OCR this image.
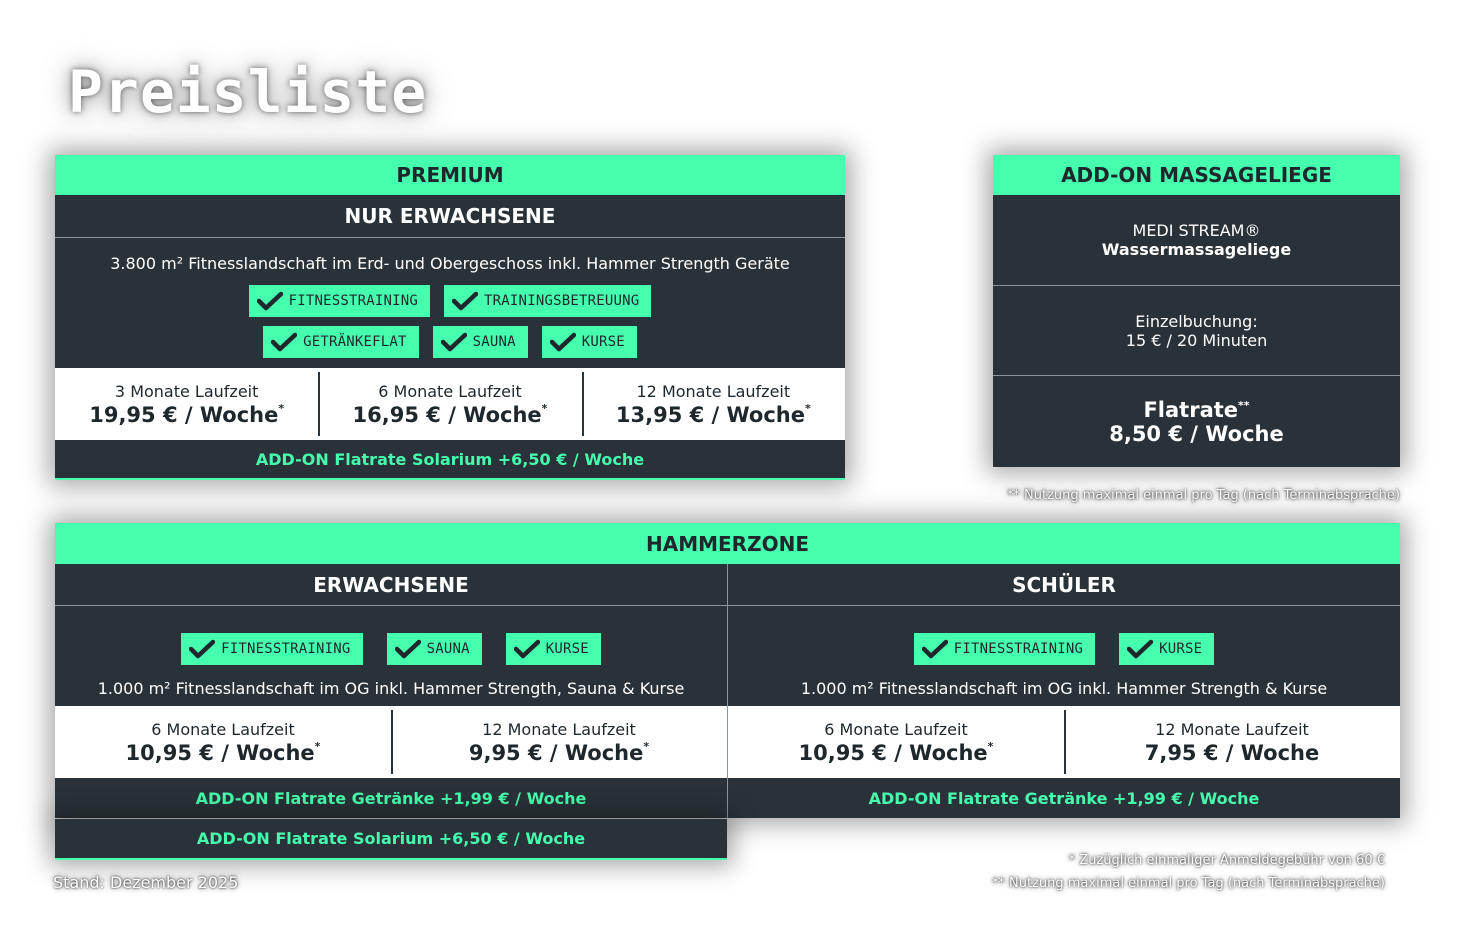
Preisliste
PREMIUM
NUR ERWACHSENE
3.800 m² Fitnesslandschaft im Erd- und Obergeschoss inkl. Hammer Strength Geräte
FITNESSTRAINING	TRAININGSBETREUUNG
GETRÄNKEFLAT	SAUNA	KURSE
3 Monate Laufzeit
19,95 € / Woche*
6 Monate Laufzeit
16,95 € / Woche*
12 Monate Laufzeit
13,95 € / Woche*
ADD-ON Flatrate Solarium +6,50 € / Woche
ADD-ON MASSAGELIEGE
MEDI STREAM®
Wassermassageliege
Einzelbuchung:
15 € / 20 Minuten
Flatrate**
8,50 € / Woche
** Nutzung maximal einmal pro Tag (nach Terminabsprache)
HAMMERZONE
ERWACHSENE
FITNESSTRAINING	SAUNA	KURSE
1.000 m² Fitnesslandschaft im OG inkl. Hammer Strength, Sauna & Kurse
6 Monate Laufzeit
10,95 € / Woche*
12 Monate Laufzeit
9,95 € / Woche*
ADD-ON Flatrate Getränke +1,99 € / Woche
SCHÜLER
FITNESSTRAINING	KURSE
1.000 m² Fitnesslandschaft im OG inkl. Hammer Strength & Kurse
6 Monate Laufzeit
10,95 € / Woche*
12 Monate Laufzeit
7,95 € / Woche
ADD-ON Flatrate Getränke +1,99 € / Woche
ADD-ON Flatrate Solarium +6,50 € / Woche
Stand: Dezember 2025
* Zuzüglich einmaliger Anmeldegebühr von 60 €
** Nutzung maximal einmal pro Tag (nach Terminabsprache)
